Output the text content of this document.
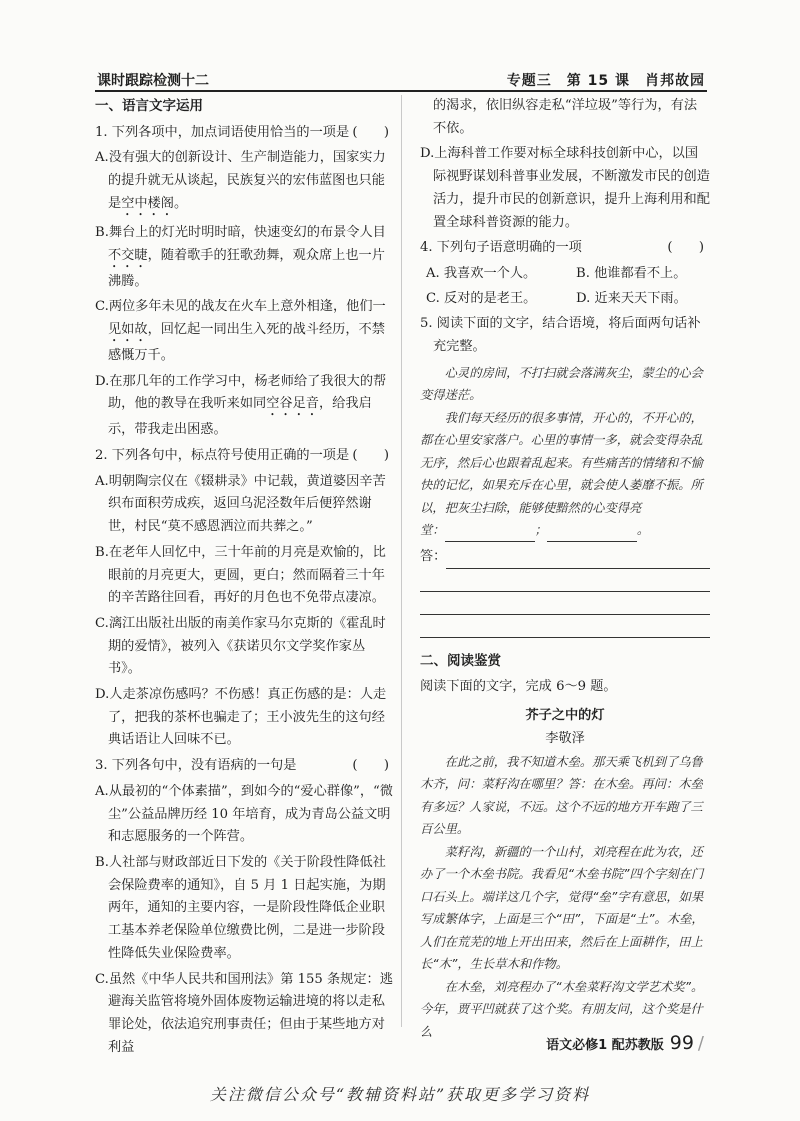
课时跟踪检测十二	专题三　第 15 课　肖邦故园
一、语言文字运用
1. 下列各项中，加点词语使用恰当的一项是 (　　)
A.没有强大的创新设计、生产制造能力，国家实力的提升就无从谈起，民族复兴的宏伟蓝图也只能是空中楼阁。
B.舞台上的灯光时明时暗，快速变幻的布景令人目不交睫，随着歌手的狂歌劲舞，观众席上也一片沸腾。
C.两位多年未见的战友在火车上意外相逢，他们一见如故，回忆起一同出生入死的战斗经历，不禁感慨万千。
D.在那几年的工作学习中，杨老师给了我很大的帮助，他的教导在我听来如同空谷足音，给我启示，带我走出困惑。
2. 下列各句中，标点符号使用正确的一项是 (　　)
A.明朝陶宗仪在《辍耕录》中记载，黄道婆因辛苦织布面积劳成疾，返回乌泥泾数年后便猝然谢世，村民“莫不感恩洒泣而共葬之。”
B.在老年人回忆中，三十年前的月亮是欢愉的，比眼前的月亮更大，更圆，更白；然而隔着三十年的辛苦路往回看，再好的月色也不免带点凄凉。
C.漓江出版社出版的南美作家马尔克斯的《霍乱时期的爱情》，被列入《获诺贝尔文学奖作家丛书》。
D.人走茶凉伤感吗？不伤感！真正伤感的是：人走了，把我的茶杯也骗走了；王小波先生的这句经典话语让人回味不已。
3. 下列各句中，没有语病的一句是	(　　)
A.从最初的“个体素描”，到如今的“爱心群像”，“微尘”公益品牌历经 10 年培育，成为青岛公益文明和志愿服务的一个阵营。
B.人社部与财政部近日下发的《关于阶段性降低社会保险费率的通知》，自 5 月 1 日起实施，为期两年，通知的主要内容，一是阶段性降低企业职工基本养老保险单位缴费比例，二是进一步阶段性降低失业保险费率。
C.虽然《中华人民共和国刑法》第 155 条规定：逃避海关监管将境外固体废物运输进境的将以走私罪论处，依法追究刑事责任；但由于某些地方对利益
的渴求，依旧纵容走私“洋垃圾”等行为，有法不依。
D.上海科普工作要对标全球科技创新中心，以国际视野谋划科普事业发展，不断激发市民的创造活力，提升市民的创新意识，提升上海利用和配置全球科普资源的能力。
4. 下列句子语意明确的一项	(　　)
A. 我喜欢一个人。	B. 他谁都看不上。
C. 反对的是老王。	D. 近来天天下雨。
5. 阅读下面的文字，结合语境，将后面两句话补充完整。

心灵的房间，不打扫就会落满灰尘，蒙尘的心会变得迷茫。

我们每天经历的很多事情，开心的，不开心的，都在心里安家落户。心里的事情一多，就会变得杂乱无序，然后心也跟着乱起来。有些痛苦的情绪和不愉快的记忆，如果充斥在心里，就会使人萎靡不振。所以，把灰尘扫除，能够使黯然的心变得亮

堂：	；	。
答：
二、阅读鉴赏
阅读下面的文字，完成 6～9 题。
芥子之中的灯
李敬泽

在此之前，我不知道木垒。那天乘飞机到了乌鲁木齐，问：菜籽沟在哪里？答：在木垒。再问：木垒有多远？人家说，不远。这个不远的地方开车跑了三百公里。

菜籽沟，新疆的一个山村，刘亮程在此为农，还办了一个木垒书院。我看见“木垒书院”四个字刻在门口石头上。端详这几个字，觉得“垒”字有意思，如果写成繁体字，上面是三个“田”，下面是“土”。木垒，人们在荒芜的地上开出田来，然后在上面耕作，田上长“木”，生长草木和作物。

在木垒，刘亮程办了“木垒菜籽沟文学艺术奖”。今年，贾平凹就获了这个奖。有朋友问，这个奖是什么

语文必修1 配苏教版 99 /
关注微信公众号“教辅资料站”获取更多学习资料
